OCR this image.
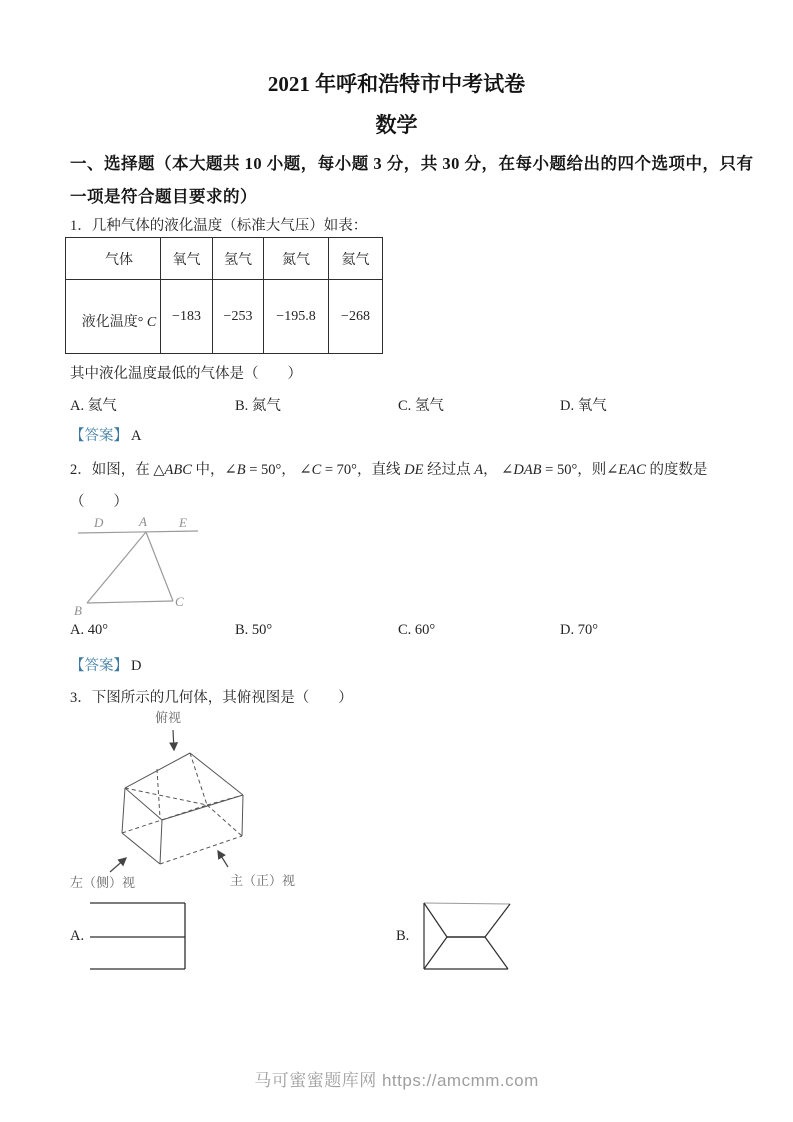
2021 年呼和浩特市中考试卷
数学
一、选择题（本大题共 10 小题，每小题 3 分，共 30 分，在每小题给出的四个选项中，只有
一项是符合题目要求的）
1．几种气体的液化温度（标准大气压）如表：
气体	氧气	氢气	氮气	氦气
液化温度° C	−183	−253	−195.8	−268
其中液化温度最低的气体是（　　）
A. 氦气	B. 氮气	C. 氢气	D. 氧气
【答案】 A
2．如图，在 △ABC 中，∠B = 50°， ∠C = 70°，直线 DE 经过点 A， ∠DAB = 50°，则∠EAC 的度数是
（　　）
D	A E
B
C
A. 40°	B. 50°	C. 60°	D. 70°
【答案】 D
3．下图所示的几何体，其俯视图是（　　）
俯视
左（侧）视	主（正）视
A.	B.
马可蜜蜜题库网 https://amcmm.com
